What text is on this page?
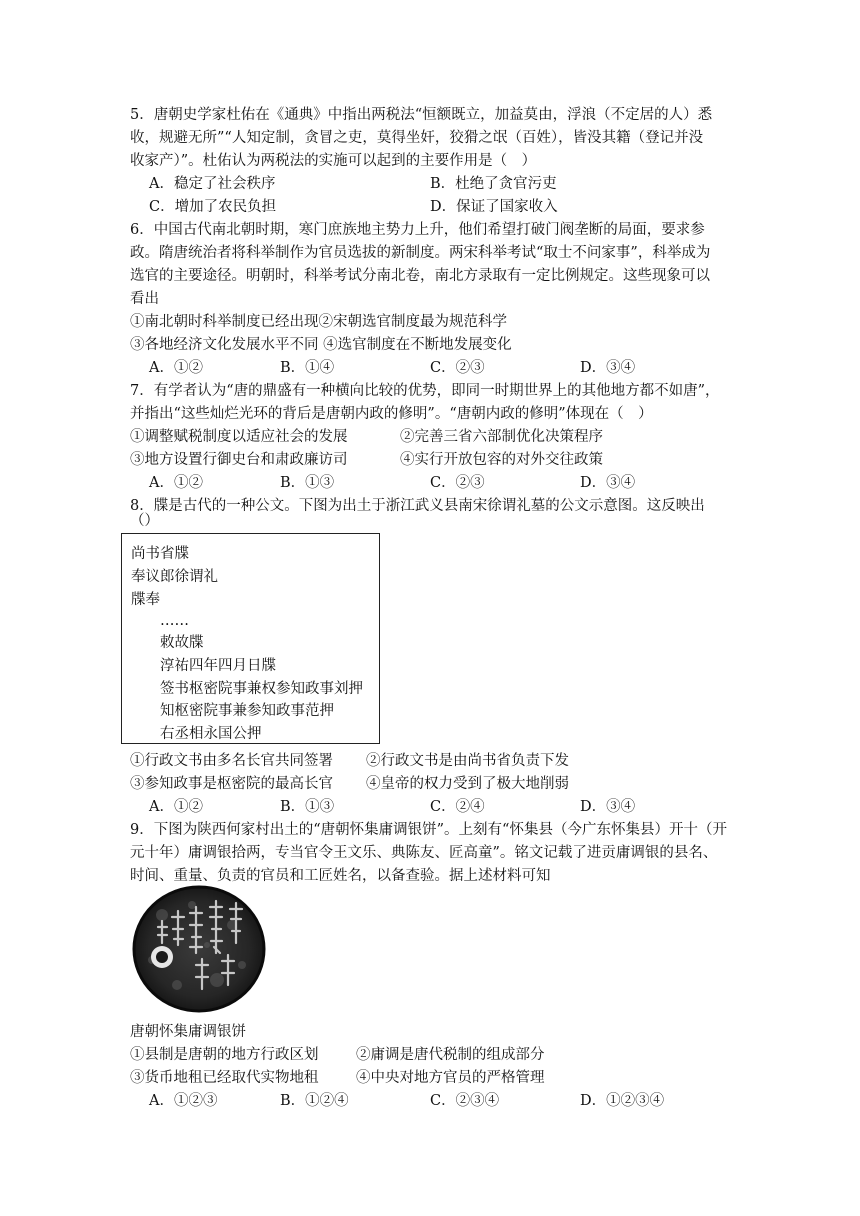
5．唐朝史学家杜佑在《通典》中指出两税法“恒额既立，加益莫由，浮浪（不定居的人）悉
收，规避无所”“人知定制，贪冒之吏，莫得坐奸，狡猾之氓（百姓），皆没其籍（登记并没
收家产）”。杜佑认为两税法的实施可以起到的主要作用是（　）
A．稳定了社会秩序	B．杜绝了贪官污吏
C．增加了农民负担	D．保证了国家收入
6．中国古代南北朝时期，寒门庶族地主势力上升，他们希望打破门阀垄断的局面，要求参
政。隋唐统治者将科举制作为官员选拔的新制度。两宋科举考试“取士不问家事”，科举成为
选官的主要途径。明朝时，科举考试分南北卷，南北方录取有一定比例规定。这些现象可以
看出
①南北朝时科举制度已经出现②宋朝选官制度最为规范科学
③各地经济文化发展水平不同 ④选官制度在不断地发展变化
A．①②	B．①④	C．②③	D．③④
7．有学者认为“唐的鼎盛有一种横向比较的优势，即同一时期世界上的其他地方都不如唐”，
并指出“这些灿烂光环的背后是唐朝内政的修明”。“唐朝内政的修明”体现在（　）
①调整赋税制度以适应社会的发展	②完善三省六部制优化决策程序
③地方设置行御史台和肃政廉访司	④实行开放包容的对外交往政策
A．①②	B．①③	C．②③	D．③④
8．牒是古代的一种公文。下图为出土于浙江武义县南宋徐谓礼墓的公文示意图。这反映出
（）
尚书省牒
奉议郎徐谓礼
牒奉
……
敕故牒
淳祐四年四月日牒
签书枢密院事兼权参知政事刘押
知枢密院事兼参知政事范押
右丞相永国公押
①行政文书由多名长官共同签署 ②行政文书是由尚书省负责下发
③参知政事是枢密院的最高长官 ④皇帝的权力受到了极大地削弱
A．①②	B．①③	C．②④	D．③④
9．下图为陕西何家村出土的“唐朝怀集庸调银饼”。上刻有“怀集县（今广东怀集县）开十（开
元十年）庸调银拾两，专当官令王文乐、典陈友、匠高童”。铭文记载了进贡庸调银的县名、
时间、重量、负责的官员和工匠姓名，以备查验。据上述材料可知
唐朝怀集庸调银饼
①县制是唐朝的地方行政区划	②庸调是唐代税制的组成部分
③货币地租已经取代实物地租	④中央对地方官员的严格管理
A．①②③	B．①②④	C．②③④	D．①②③④
